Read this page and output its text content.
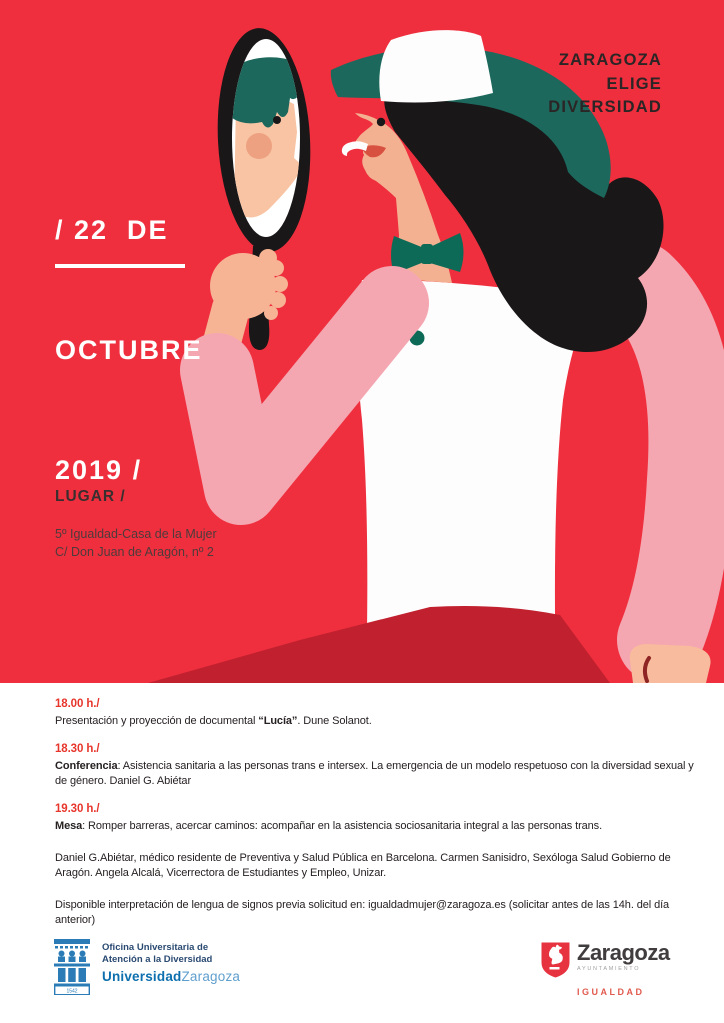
ZARAGOZA
ELIGE
DIVERSIDAD

/ 22  DE

OCTUBRE

2019 /

LUGAR /
5º Igualdad-Casa de la Mujer
C/ Don Juan de Aragón, nº 2
18.00 h./
Presentación y proyección de documental “Lucía”. Dune Solanot.
18.30 h./
Conferencia: Asistencia sanitaria a las personas trans e intersex. La emergencia de un modelo respetuoso con la diversidad sexual y de género. Daniel G. Abiétar
19.30 h./
Mesa: Romper barreras, acercar caminos: acompañar en la asistencia sociosanitaria integral a las personas trans.
Daniel G.Abiétar, médico residente de Preventiva y Salud Pública en Barcelona. Carmen Sanisidro, Sexóloga Salud Gobierno de Aragón. Angela Alcalá, Vicerrectora de Estudiantes y Empleo, Unizar.
Disponible interpretación de lengua de signos previa solicitud en: igualdadmujer@zaragoza.es (solicitar antes de las 14h. del día anterior)
1542
Oficina Universitaria de
Atención a la Diversidad
UniversidadZaragoza
Zaragoza
AYUNTAMIENTO
IGUALDAD
